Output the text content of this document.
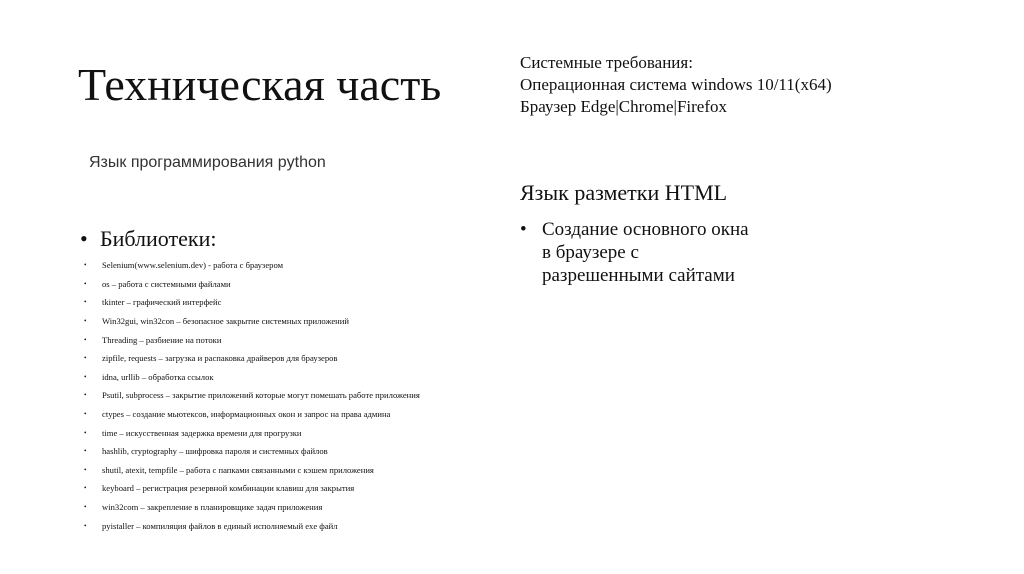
Техническая часть
Язык программирования python
Системные требования:
Операционная система windows 10/11(x64)
Браузер Edge|Chrome|Firefox
• Библиотеки:
•	Selenium(www.selenium.dev) - работа с браузером
•	os – работа с системными файлами
•	tkinter – графический интерфейс
•	Win32gui, win32con – безопасное закрытие системных приложений
•	Threading – разбиение на потоки
•	zipfile, requests – загрузка и распаковка драйверов для браузеров
•	idna, urllib – обработка ссылок
•	Psutil, subprocess – закрытие приложений которые могут помешать работе приложения
•	ctypes – создание мьютексов, информационных окон и запрос на права админа
•	time – искусственная задержка времени для прогрузки
•	hashlib, cryptography – шифровка пароля и системных файлов
•	shutil, atexit, tempfile – работа с папками связанными с кэшем приложения
•	keyboard – регистрация резервной комбинации клавиш для закрытия
•	win32com – закрепление в планировщике задач приложения
•	pyistaller – компиляция файлов в единый исполняемый exe файл
Язык разметки HTML
• Создание основного окна
в браузере с
разрешенными сайтами
